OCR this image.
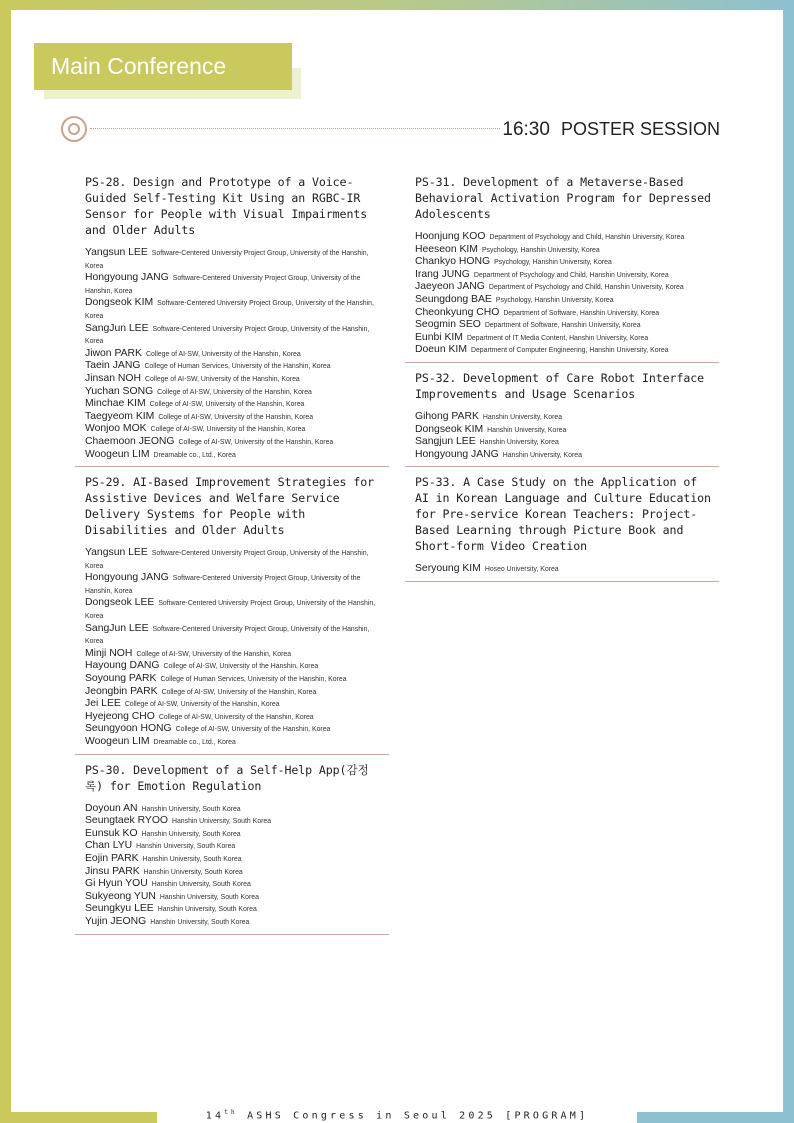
Main Conference
16:30 POSTER SESSION
PS-28. Design and Prototype of a Voice-Guided Self-Testing Kit Using an RGBC-IR Sensor for People with Visual Impairments and Older Adults
Yangsun LEE Software-Centered University Project Group, University of the Hanshin, Korea
Hongyoung JANG Software-Centered University Project Group, University of the Hanshin, Korea
Dongseok KIM Software-Centered University Project Group, University of the Hanshin, Korea
SangJun LEE Software-Centered University Project Group, University of the Hanshin, Korea
Jiwon PARK College of AI-SW, University of the Hanshin, Korea
Taein JANG College of Human Services, University of the Hanshin, Korea
Jinsan NOH College of AI-SW, University of the Hanshin, Korea
Yuchan SONG College of AI-SW, University of the Hanshin, Korea
Minchae KIM College of AI-SW, University of the Hanshin, Korea
Taegyeom KIM College of AI-SW, University of the Hanshin, Korea
Wonjoo MOK College of AI-SW, University of the Hanshin, Korea
Chaemoon JEONG College of AI-SW, University of the Hanshin, Korea
Woogeun LIM Dreamable co., Ltd., Korea
PS-29. AI-Based Improvement Strategies for Assistive Devices and Welfare Service Delivery Systems for People with Disabilities and Older Adults
Yangsun LEE Software-Centered University Project Group, University of the Hanshin, Korea
Hongyoung JANG Software-Centered University Project Group, University of the Hanshin, Korea
Dongseok LEE Software-Centered University Project Group, University of the Hanshin, Korea
SangJun LEE Software-Centered University Project Group, University of the Hanshin, Korea
Minji NOH College of AI-SW, University of the Hanshin, Korea
Hayoung DANG College of AI-SW, University of the Hanshin, Korea
Soyoung PARK College of Human Services, University of the Hanshin, Korea
Jeongbin PARK College of AI-SW, University of the Hanshin, Korea
Jei LEE College of AI-SW, University of the Hanshin, Korea
Hyejeong CHO College of AI-SW, University of the Hanshin, Korea
Seungyoon HONG College of AI-SW, University of the Hanshin, Korea
Woogeun LIM Dreamable co., Ltd., Korea
PS-30. Development of a Self-Help App(감정록) for Emotion Regulation
Doyoun AN Hanshin University, South Korea
Seungtaek RYOO Hanshin University, South Korea
Eunsuk KO Hanshin University, South Korea
Chan LYU Hanshin University, South Korea
Eojin PARK Hanshin University, South Korea
Jinsu PARK Hanshin University, South Korea
Gi Hyun YOU Hanshin University, South Korea
Sukyeong YUN Hanshin University, South Korea
Seungkyu LEE Hanshin University, South Korea
Yujin JEONG Hanshin University, South Korea
PS-31. Development of a Metaverse-Based Behavioral Activation Program for Depressed Adolescents
Hoonjung KOO Department of Psychology and Child, Hanshin University, Korea
Heeseon KIM Psychology, Hanshin University, Korea
Chankyo HONG Psychology, Hanshin University, Korea
Irang JUNG Department of Psychology and Child, Hanshin University, Korea
Jaeyeon JANG Department of Psychology and Child, Hanshin University, Korea
Seungdong BAE Psychology, Hanshin University, Korea
Cheonkyung CHO Department of Software, Hanshin University, Korea
Seogmin SEO Department of Software, Hanshin University, Korea
Eunbi KIM Department of IT Media Content, Hanshin University, Korea
Doeun KIM Department of Computer Engineering, Hanshin University, Korea
PS-32. Development of Care Robot Interface Improvements and Usage Scenarios
Gihong PARK Hanshin University, Korea
Dongseok KIM Hanshin University, Korea
Sangjun LEE Hanshin University, Korea
Hongyoung JANG Hanshin University, Korea
PS-33. A Case Study on the Application of AI in Korean Language and Culture Education for Pre-service Korean Teachers: Project-Based Learning through Picture Book and Short-form Video Creation
Seryoung KIM Hoseo University, Korea
14th ASHS Congress in Seoul 2025 [PROGRAM]
